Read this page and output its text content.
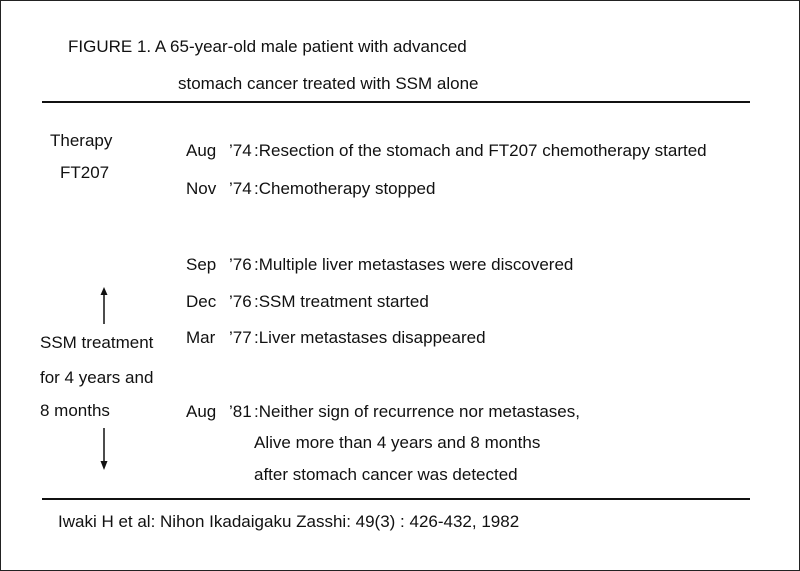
FIGURE 1. A 65-year-old male patient with advanced
stomach cancer treated with SSM alone
Therapy
FT207
SSM treatment
for 4 years and
8 months
Aug ’74 :Resection of the stomach and FT207 chemotherapy started
Nov ’74 :Chemotherapy stopped
Sep ’76 :Multiple liver metastases were discovered
Dec ’76 :SSM treatment started
Mar ’77 :Liver metastases disappeared
Aug ’81 :Neither sign of recurrence nor metastases,
Alive more than 4 years and 8 months
after stomach cancer was detected
Iwaki H et al: Nihon Ikadaigaku Zasshi: 49(3) : 426-432, 1982
